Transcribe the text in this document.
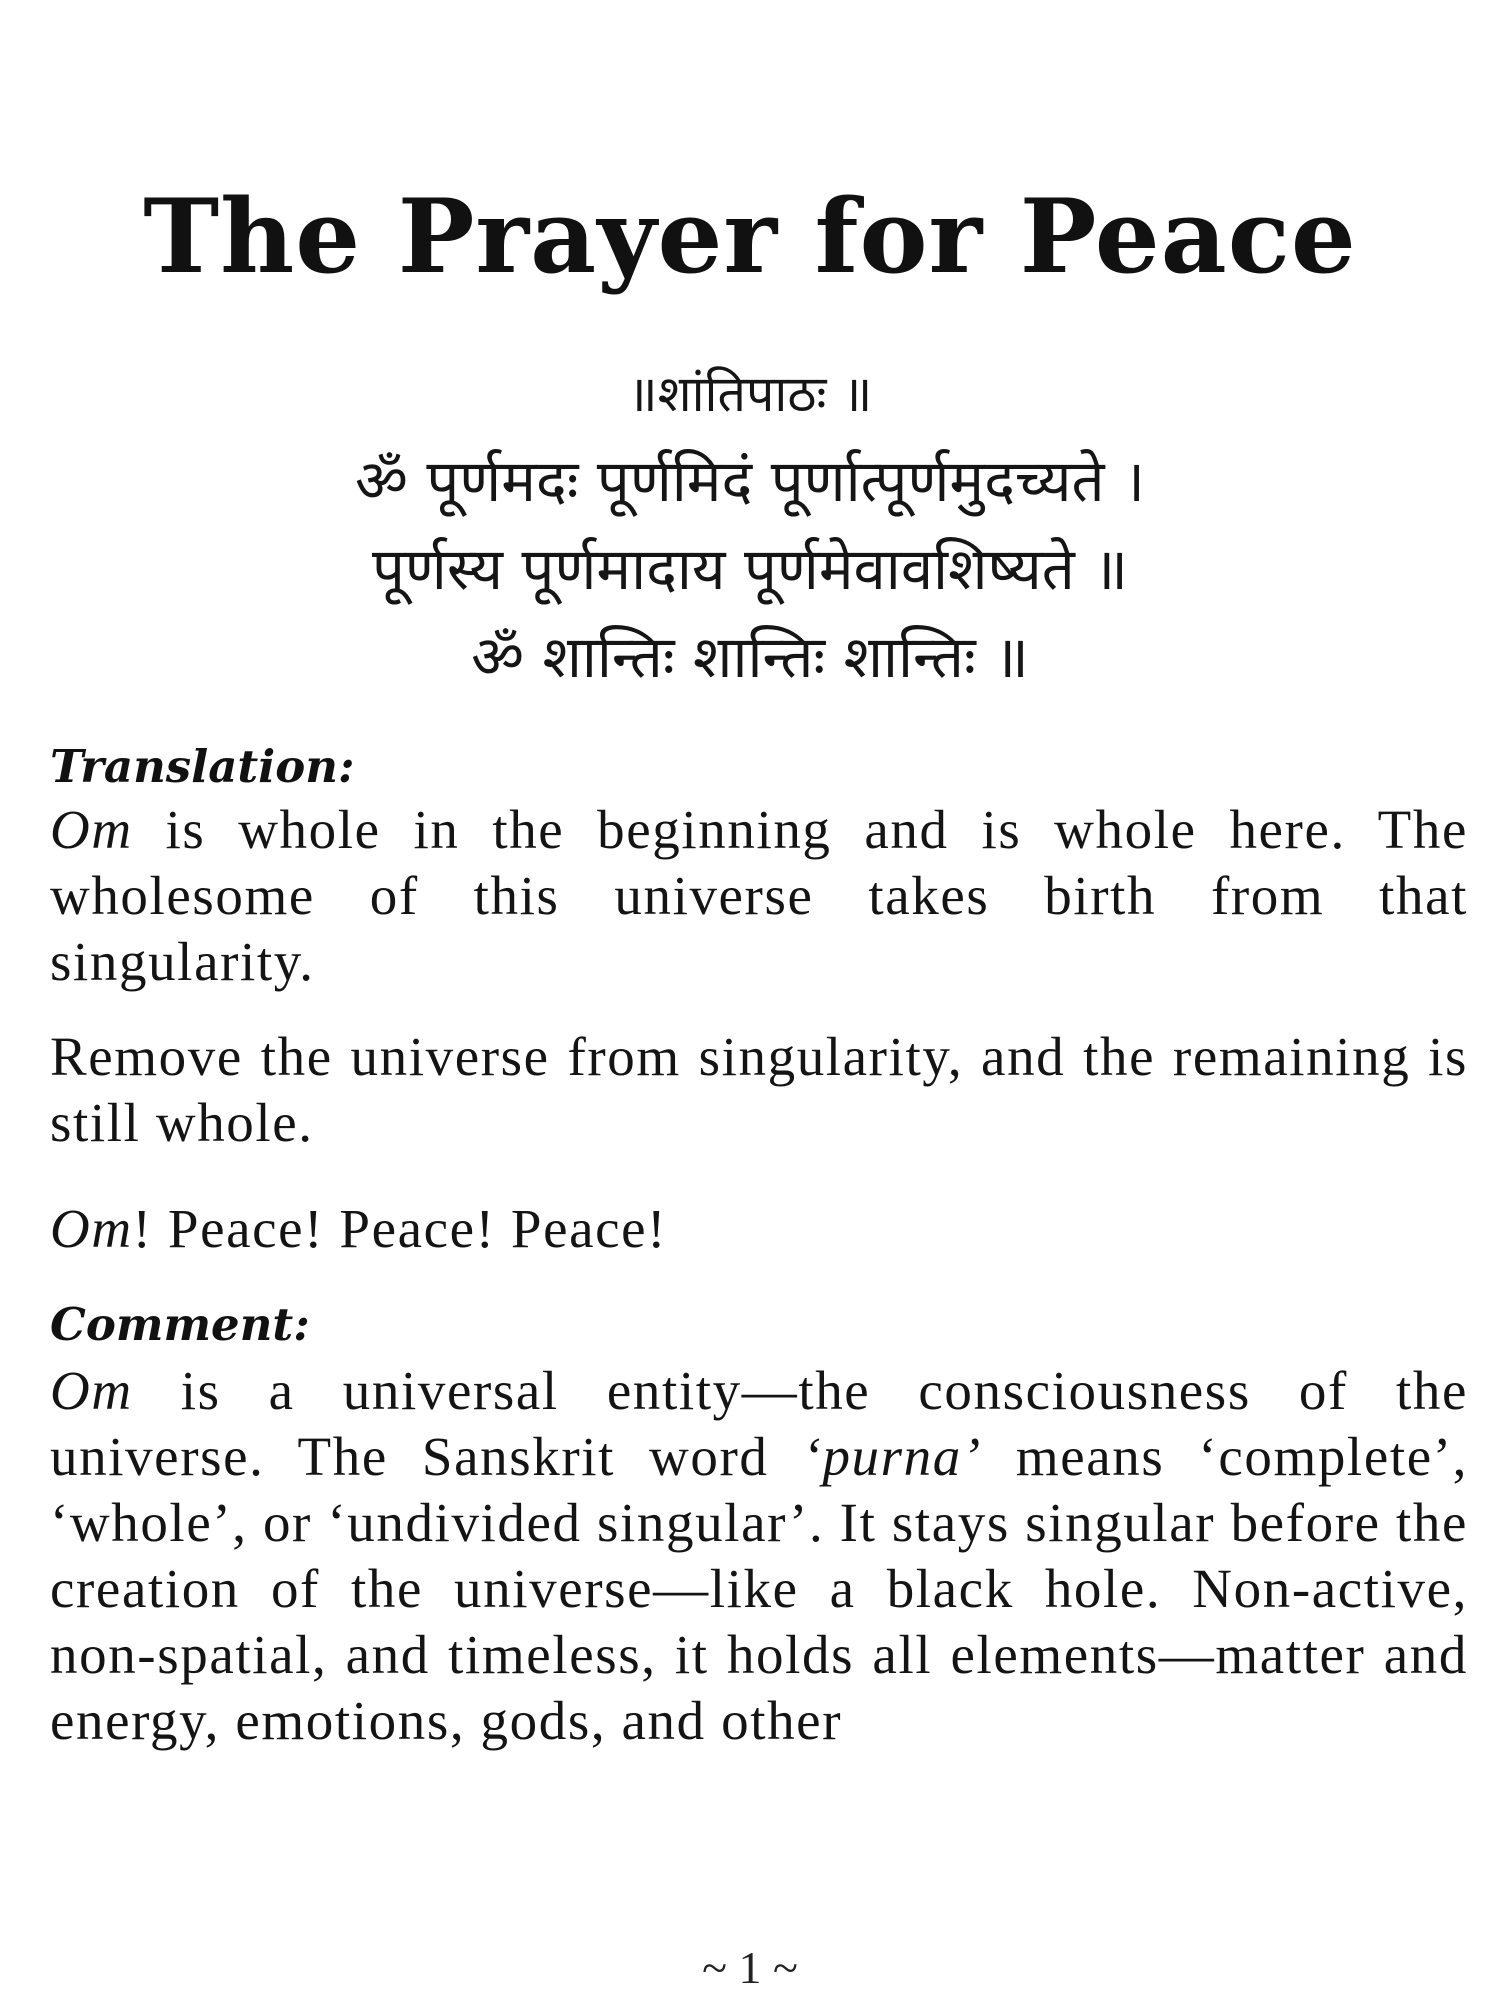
The Prayer for Peace
॥शांतिपाठः ॥
ॐ पूर्णमदः पूर्णमिदं पूर्णात्पूर्णमुदच्यते ।
पूर्णस्य पूर्णमादाय पूर्णमेवावशिष्यते ॥
ॐ शान्तिः शान्तिः शान्तिः ॥
Translation:

Om is whole in the beginning and is whole here. The wholesome of this universe takes birth from that singularity.

Remove the universe from singularity, and the remaining is still whole.

Om! Peace! Peace! Peace!

Comment:

Om is a universal entity—the consciousness of the universe. The Sanskrit word ‘purna’ means ‘complete’, ‘whole’, or ‘undivided singular’. It stays singular before the creation of the universe—like a black hole. Non-active, non-spatial, and timeless, it holds all elements—matter and energy, emotions, gods, and other

~ 1 ~
